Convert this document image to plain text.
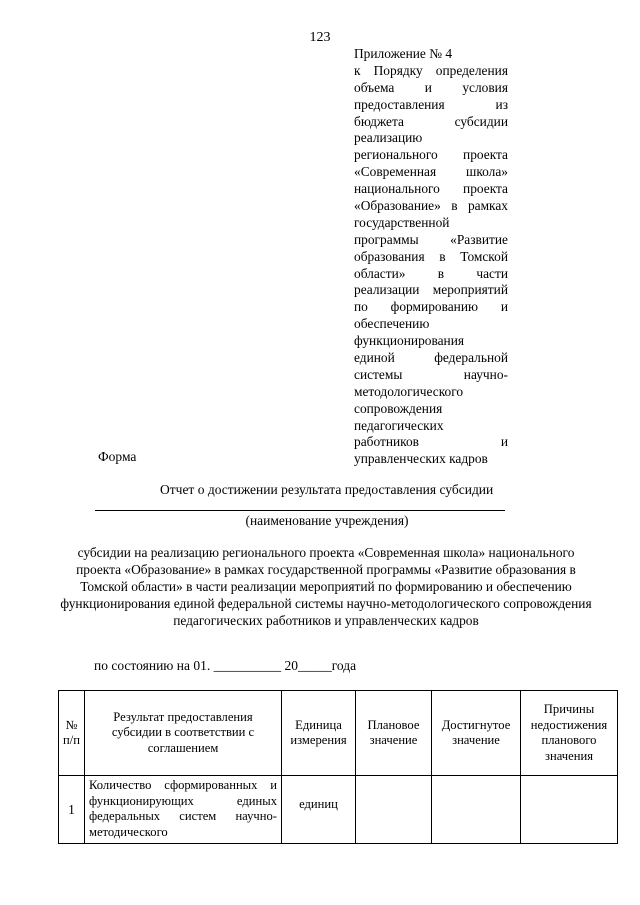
123
Приложение № 4
к Порядку определения
объема и условия
предоставления из
бюджета субсидии
реализацию
регионального проекта
«Современная школа»
национального проекта
«Образование» в рамках
государственной
программы «Развитие
образования в Томской
области» в части
реализации мероприятий
по формированию и
обеспечению
функционирования
единой федеральной
системы научно-
методологического
сопровождения
педагогических
работников и
управленческих кадров
Форма
Отчет о достижении результата предоставления субсидии
(наименование учреждения)
субсидии на реализацию регионального проекта «Современная школа» национального проекта «Образование» в рамках государственной программы «Развитие образования в Томской области» в части реализации мероприятий по формированию и обеспечению функционирования единой федеральной системы научно-методологического сопровождения педагогических работников и управленческих кадров
по состоянию на 01. __________ 20_____года
№ п/п	Результат предоставления субсидии в соответствии с соглашением	Единица измерения	Плановое значение	Достигнутое значение	Причины недостижения планового значения
1	Количество сформированных и функционирующих единых федеральных систем научно-методического	единиц			
